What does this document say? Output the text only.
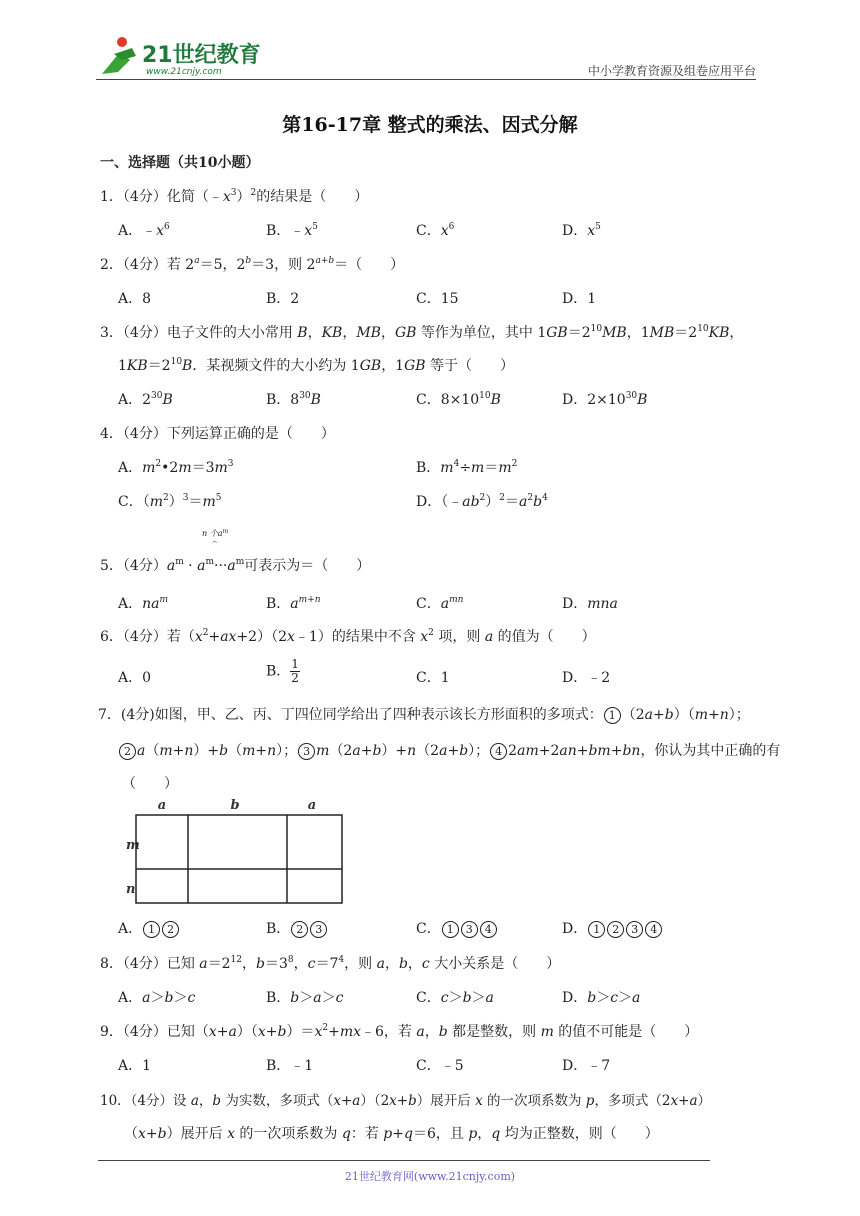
21世纪教育
www.21cnjy.com	中小学教育资源及组卷应用平台
第16-17章 整式的乘法、因式分解
一、选择题（共10小题）
1．（4分）化简$(﹣x^3)^2$的结果是（　　）
A．$﹣x^6$	B．$﹣x^5$	C．$x^6$	D．$x^5$
2．（4分）若 $2^a=5$，$2^b=3$，则 $2^{a+b}=$（　　）
A．8	B．2	C．15	D．1
3．（4分）电子文件的大小常用 B，KB，MB，GB 等作为单位，其中 $1GB=2^{10}MB$，$1MB=2^{10}KB$，
$1KB=2^{10}B$．某视频文件的大小约为 1GB，1GB 等于（　　）
A．$2^{30}B$	B．$8^{30}B$	C．$8\times 10^{10}B$	D．$2\times 10^{30}B$
4．（4分）下列运算正确的是（　　）
A．$m^2•2m=3m^3$	B．$m^4\div m=m^2$
C．$(m^2)^3=m^5$	D．$(﹣ab^2)^2=a^2b^4$
n 个$a^m$
⌢
5．（4分）$a^m \cdot a^m\cdot\cdot\cdot a^m$可表示为＝（　　）
A．$na^m$	B．$a^{m+n}$	C．$a^{mn}$	D．mna
6．（4分）若$(x^2+ax+2)(2x﹣1)$的结果中不含 $x^2$ 项，则 a 的值为（　　）
A．0	B． $\frac{1}{2}$	C．1	D．﹣2
7．(4分)如图，甲、乙、丙、丁四位同学给出了四种表示该长方形面积的多项式： 1 （2a+b）（m+n）；
2 a（m+n）+b（m+n）； 3 m（2a+b）+n（2a+b）； 4 2am+2an+bm+bn，你认为其中正确的有
（　　）
a	b	a
m
n
A． 1 2	B． 2 3	C． 1 3 4	D． 1 2 3 4
8．（4分）已知 $a=2^{12}$，$b=3^8$，$c=7^4$，则 a，b，c 大小关系是（　　）
A．a＞b＞c	B．b＞a＞c	C．c＞b＞a	D．b＞c＞a
9．（4分）已知$(x+a)(x+b)=x^2+mx﹣6$，若 a，b 都是整数，则 m 的值不可能是（　　）
A．1	B．﹣1	C．﹣5	D．﹣7
10．（4分）设 a，b 为实数，多项式（x+a）（2x+b）展开后 x 的一次项系数为 p，多项式（2x+a）
（x+b）展开后 x 的一次项系数为 q：若 p+q＝6，且 p，q 均为正整数，则（　　）
21世纪教育网(www.21cnjy.com)
